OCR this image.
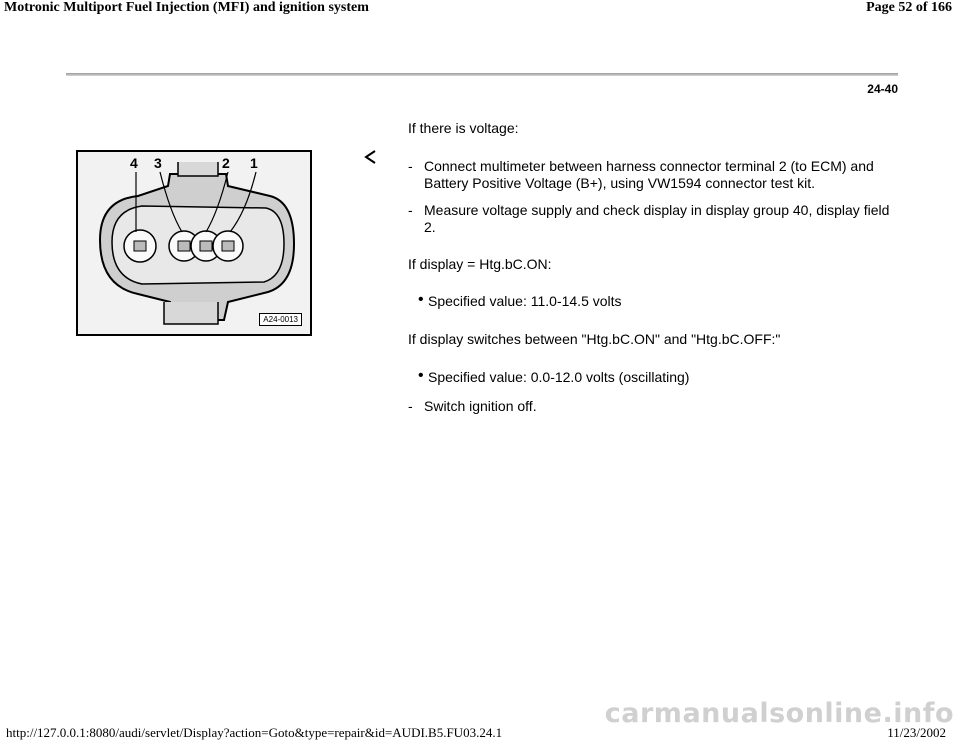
Motronic Multiport Fuel Injection (MFI) and ignition system	Page 52 of 166
24-40
If there is voltage:
4 3	2 1
A24-0013
- Connect multimeter between harness connector terminal 2 (to ECM) and Battery Positive Voltage (B+), using VW1594 connector test kit.
- Measure voltage supply and check display in display group 40, display field 2.
If display = Htg.bC.ON:
• Specified value: 11.0-14.5 volts
If display switches between "Htg.bC.ON" and "Htg.bC.OFF:"
• Specified value: 0.0-12.0 volts (oscillating)
- Switch ignition off.
carmanualsonline.info
http://127.0.0.1:8080/audi/servlet/Display?action=Goto&type=repair&id=AUDI.B5.FU03.24.1	11/23/2002
